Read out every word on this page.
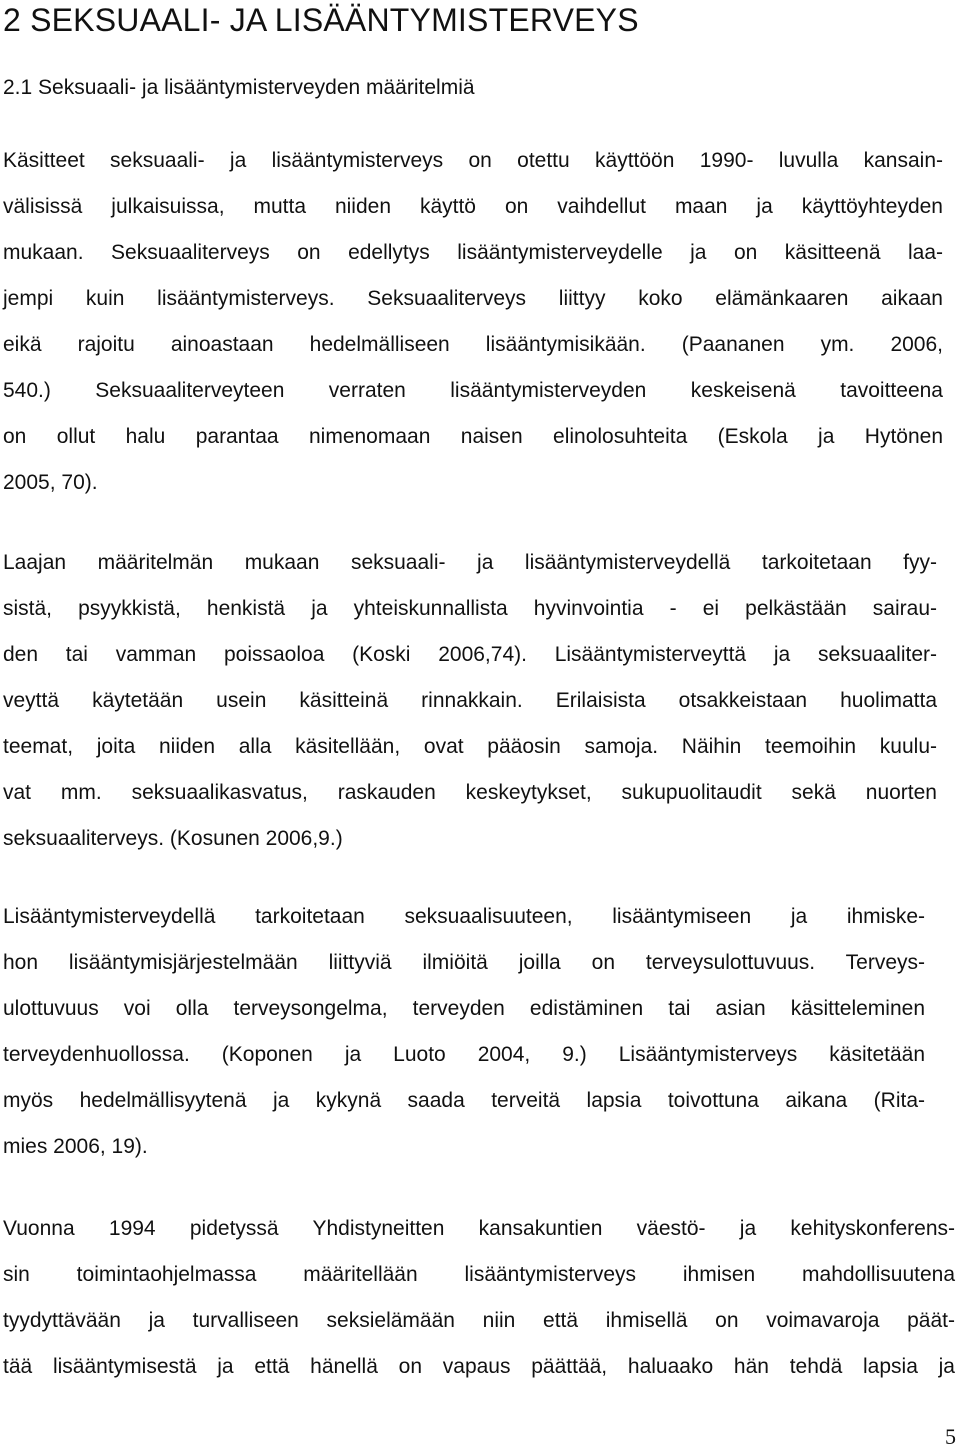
2 SEKSUAALI- JA LISÄÄNTYMISTERVEYS
2.1 Seksuaali- ja lisääntymisterveyden määritelmiä
Käsitteet seksuaali- ja lisääntymisterveys on otettu käyttöön 1990- luvulla kansain-
välisissä julkaisuissa, mutta niiden käyttö on vaihdellut maan ja käyttöyhteyden
mukaan. Seksuaaliterveys on edellytys lisääntymisterveydelle ja on käsitteenä laa-
jempi kuin lisääntymisterveys. Seksuaaliterveys liittyy koko elämänkaaren aikaan
eikä rajoitu ainoastaan hedelmälliseen lisääntymisikään. (Paananen ym. 2006,
540.) Seksuaaliterveyteen verraten lisääntymisterveyden keskeisenä tavoitteena
on ollut halu parantaa nimenomaan naisen elinolosuhteita (Eskola ja Hytönen
2005, 70).
Laajan määritelmän mukaan seksuaali- ja lisääntymisterveydellä tarkoitetaan fyy-
sistä, psyykkistä, henkistä ja yhteiskunnallista hyvinvointia - ei pelkästään sairau-
den tai vamman poissaoloa (Koski 2006,74). Lisääntymisterveyttä ja seksuaaliter-
veyttä käytetään usein käsitteinä rinnakkain. Erilaisista otsakkeistaan huolimatta
teemat, joita niiden alla käsitellään, ovat pääosin samoja. Näihin teemoihin kuulu-
vat mm. seksuaalikasvatus, raskauden keskeytykset, sukupuolitaudit sekä nuorten
seksuaaliterveys. (Kosunen 2006,9.)
Lisääntymisterveydellä tarkoitetaan seksuaalisuuteen, lisääntymiseen ja ihmiske-
hon lisääntymisjärjestelmään liittyviä ilmiöitä joilla on terveysulottuvuus. Terveys-
ulottuvuus voi olla terveysongelma, terveyden edistäminen tai asian käsitteleminen
terveydenhuollossa. (Koponen ja Luoto 2004, 9.) Lisääntymisterveys käsitetään
myös hedelmällisyytenä ja kykynä saada terveitä lapsia toivottuna aikana (Rita-
mies 2006, 19).
Vuonna 1994 pidetyssä Yhdistyneitten kansakuntien väestö- ja kehityskonferens-
sin toimintaohjelmassa määritellään lisääntymisterveys ihmisen mahdollisuutena
tyydyttävään ja turvalliseen seksielämään niin että ihmisellä on voimavaroja päät-
tää lisääntymisestä ja että hänellä on vapaus päättää, haluaako hän tehdä lapsia ja
5
